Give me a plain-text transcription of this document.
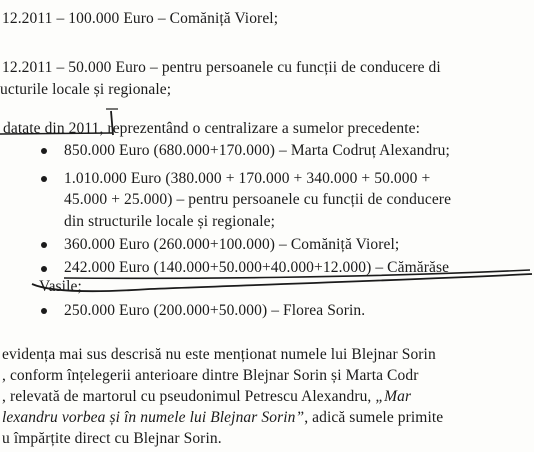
12.2011 – 100.000 Euro – Comăniță Viorel;
12.2011 – 50.000 Euro – pentru persoanele cu funcții de conducere di
ucturile locale și regionale;
datate din 2011, reprezentând o centralizare a sumelor precedente:
850.000 Euro (680.000+170.000) – Marta Codruț Alexandru;
1.010.000 Euro (380.000 + 170.000 + 340.000 + 50.000 +
45.000 + 25.000) – pentru persoanele cu funcții de conducere
din structurile locale și regionale;
360.000 Euro (260.000+100.000) – Comăniță Viorel;
242.000 Euro (140.000+50.000+40.000+12.000) – Cămărăse
Vasile;
250.000 Euro (200.000+50.000) – Florea Sorin.
evidența mai sus descrisă nu este menționat numele lui Blejnar Sorin
, conform înțelegerii anterioare dintre Blejnar Sorin și Marta Codr
, relevată de martorul cu pseudonimul Petrescu Alexandru, „Mar
lexandru vorbea și în numele lui Blejnar Sorin”, adică sumele primite
u împărțite direct cu Blejnar Sorin.
